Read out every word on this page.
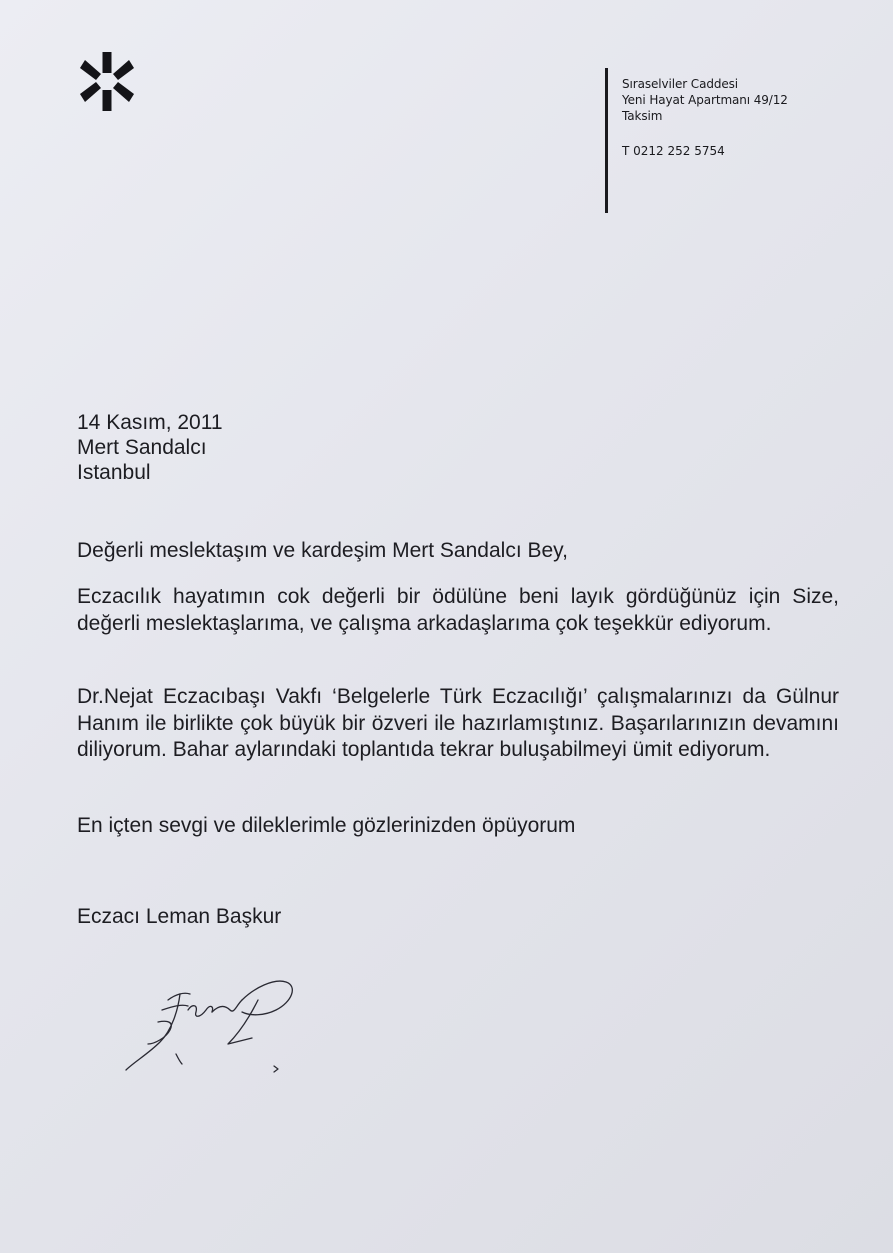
Sıraselviler Caddesi
Yeni Hayat Apartmanı 49/12
Taksim
T 0212 252 5754
14 Kasım, 2011
Mert Sandalcı
Istanbul
Değerli meslektaşım ve kardeşim Mert Sandalcı Bey,
Eczacılık hayatımın cok değerli bir ödülüne beni layık gördüğünüz için Size, değerli meslektaşlarıma, ve çalışma arkadaşlarıma çok teşekkür ediyorum.
Dr.Nejat Eczacıbaşı Vakfı ‘Belgelerle Türk Eczacılığı’ çalışmalarınızı da Gülnur Hanım ile birlikte çok büyük bir özveri ile hazırlamıştınız. Başarılarınızın devamını diliyorum. Bahar aylarındaki toplantıda tekrar buluşabilmeyi ümit ediyorum.
En içten sevgi ve dileklerimle gözlerinizden öpüyorum
Eczacı Leman Başkur
